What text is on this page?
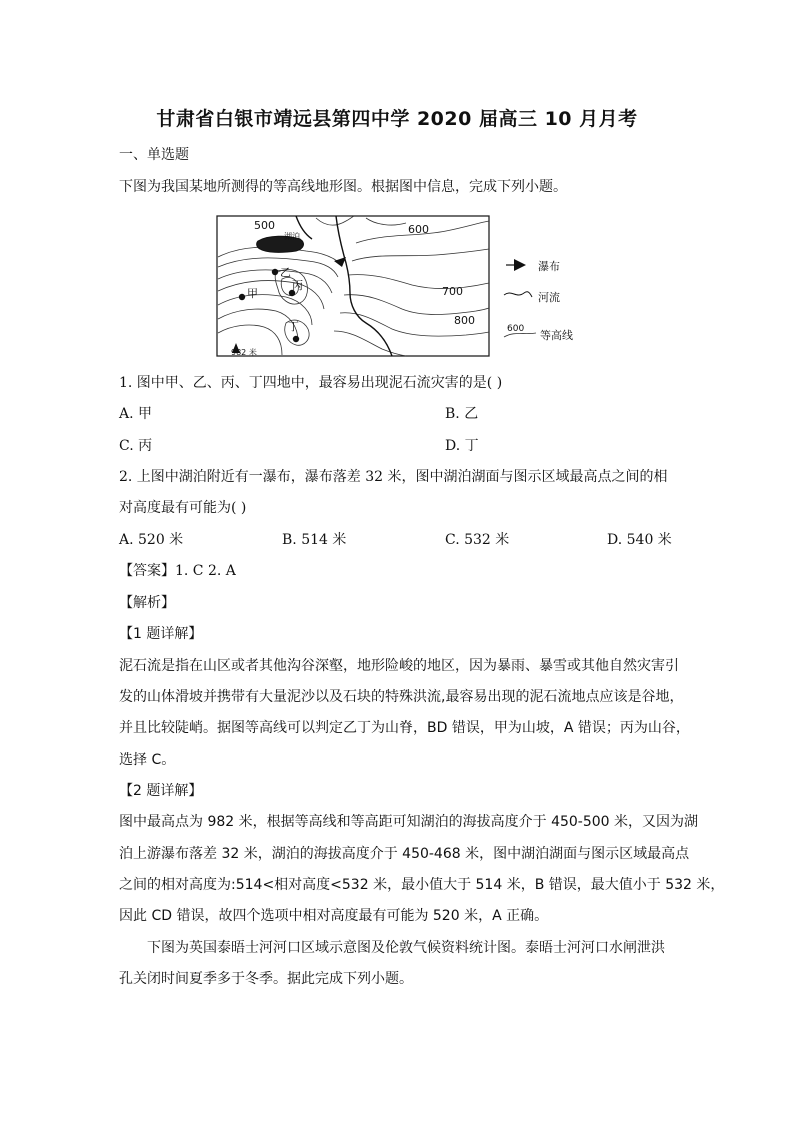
甘肃省白银市靖远县第四中学 2020 届高三 10 月月考
一、单选题
下图为我国某地所测得的等高线地形图。根据图中信息，完成下列小题。
湖泊
500	600
700
800
甲
乙
丙
丁
982 米
瀑布
河流
600 等高线
1. 图中甲、乙、丙、丁四地中，最容易出现泥石流灾害的是( )
A. 甲	B. 乙
C. 丙	D. 丁
2. 上图中湖泊附近有一瀑布，瀑布落差 32 米，图中湖泊湖面与图示区域最高点之间的相
对高度最有可能为( )
A. 520 米	B. 514 米	C. 532 米	D. 540 米
【答案】1. C 2. A
【解析】
【1 题详解】
泥石流是指在山区或者其他沟谷深壑，地形险峻的地区，因为暴雨、暴雪或其他自然灾害引
发的山体滑坡并携带有大量泥沙以及石块的特殊洪流,最容易出现的泥石流地点应该是谷地，
并且比较陡峭。据图等高线可以判定乙丁为山脊，BD 错误，甲为山坡，A 错误；丙为山谷，
选择 C。
【2 题详解】
图中最高点为 982 米，根据等高线和等高距可知湖泊的海拔高度介于 450-500 米，又因为湖
泊上游瀑布落差 32 米，湖泊的海拔高度介于 450-468 米，图中湖泊湖面与图示区域最高点
之间的相对高度为:514<相对高度<532 米，最小值大于 514 米，B 错误，最大值小于 532 米，
因此 CD 错误，故四个选项中相对高度最有可能为 520 米，A 正确。
下图为英国泰晤士河河口区域示意图及伦敦气候资料统计图。泰晤士河河口水闸泄洪
孔关闭时间夏季多于冬季。据此完成下列小题。
